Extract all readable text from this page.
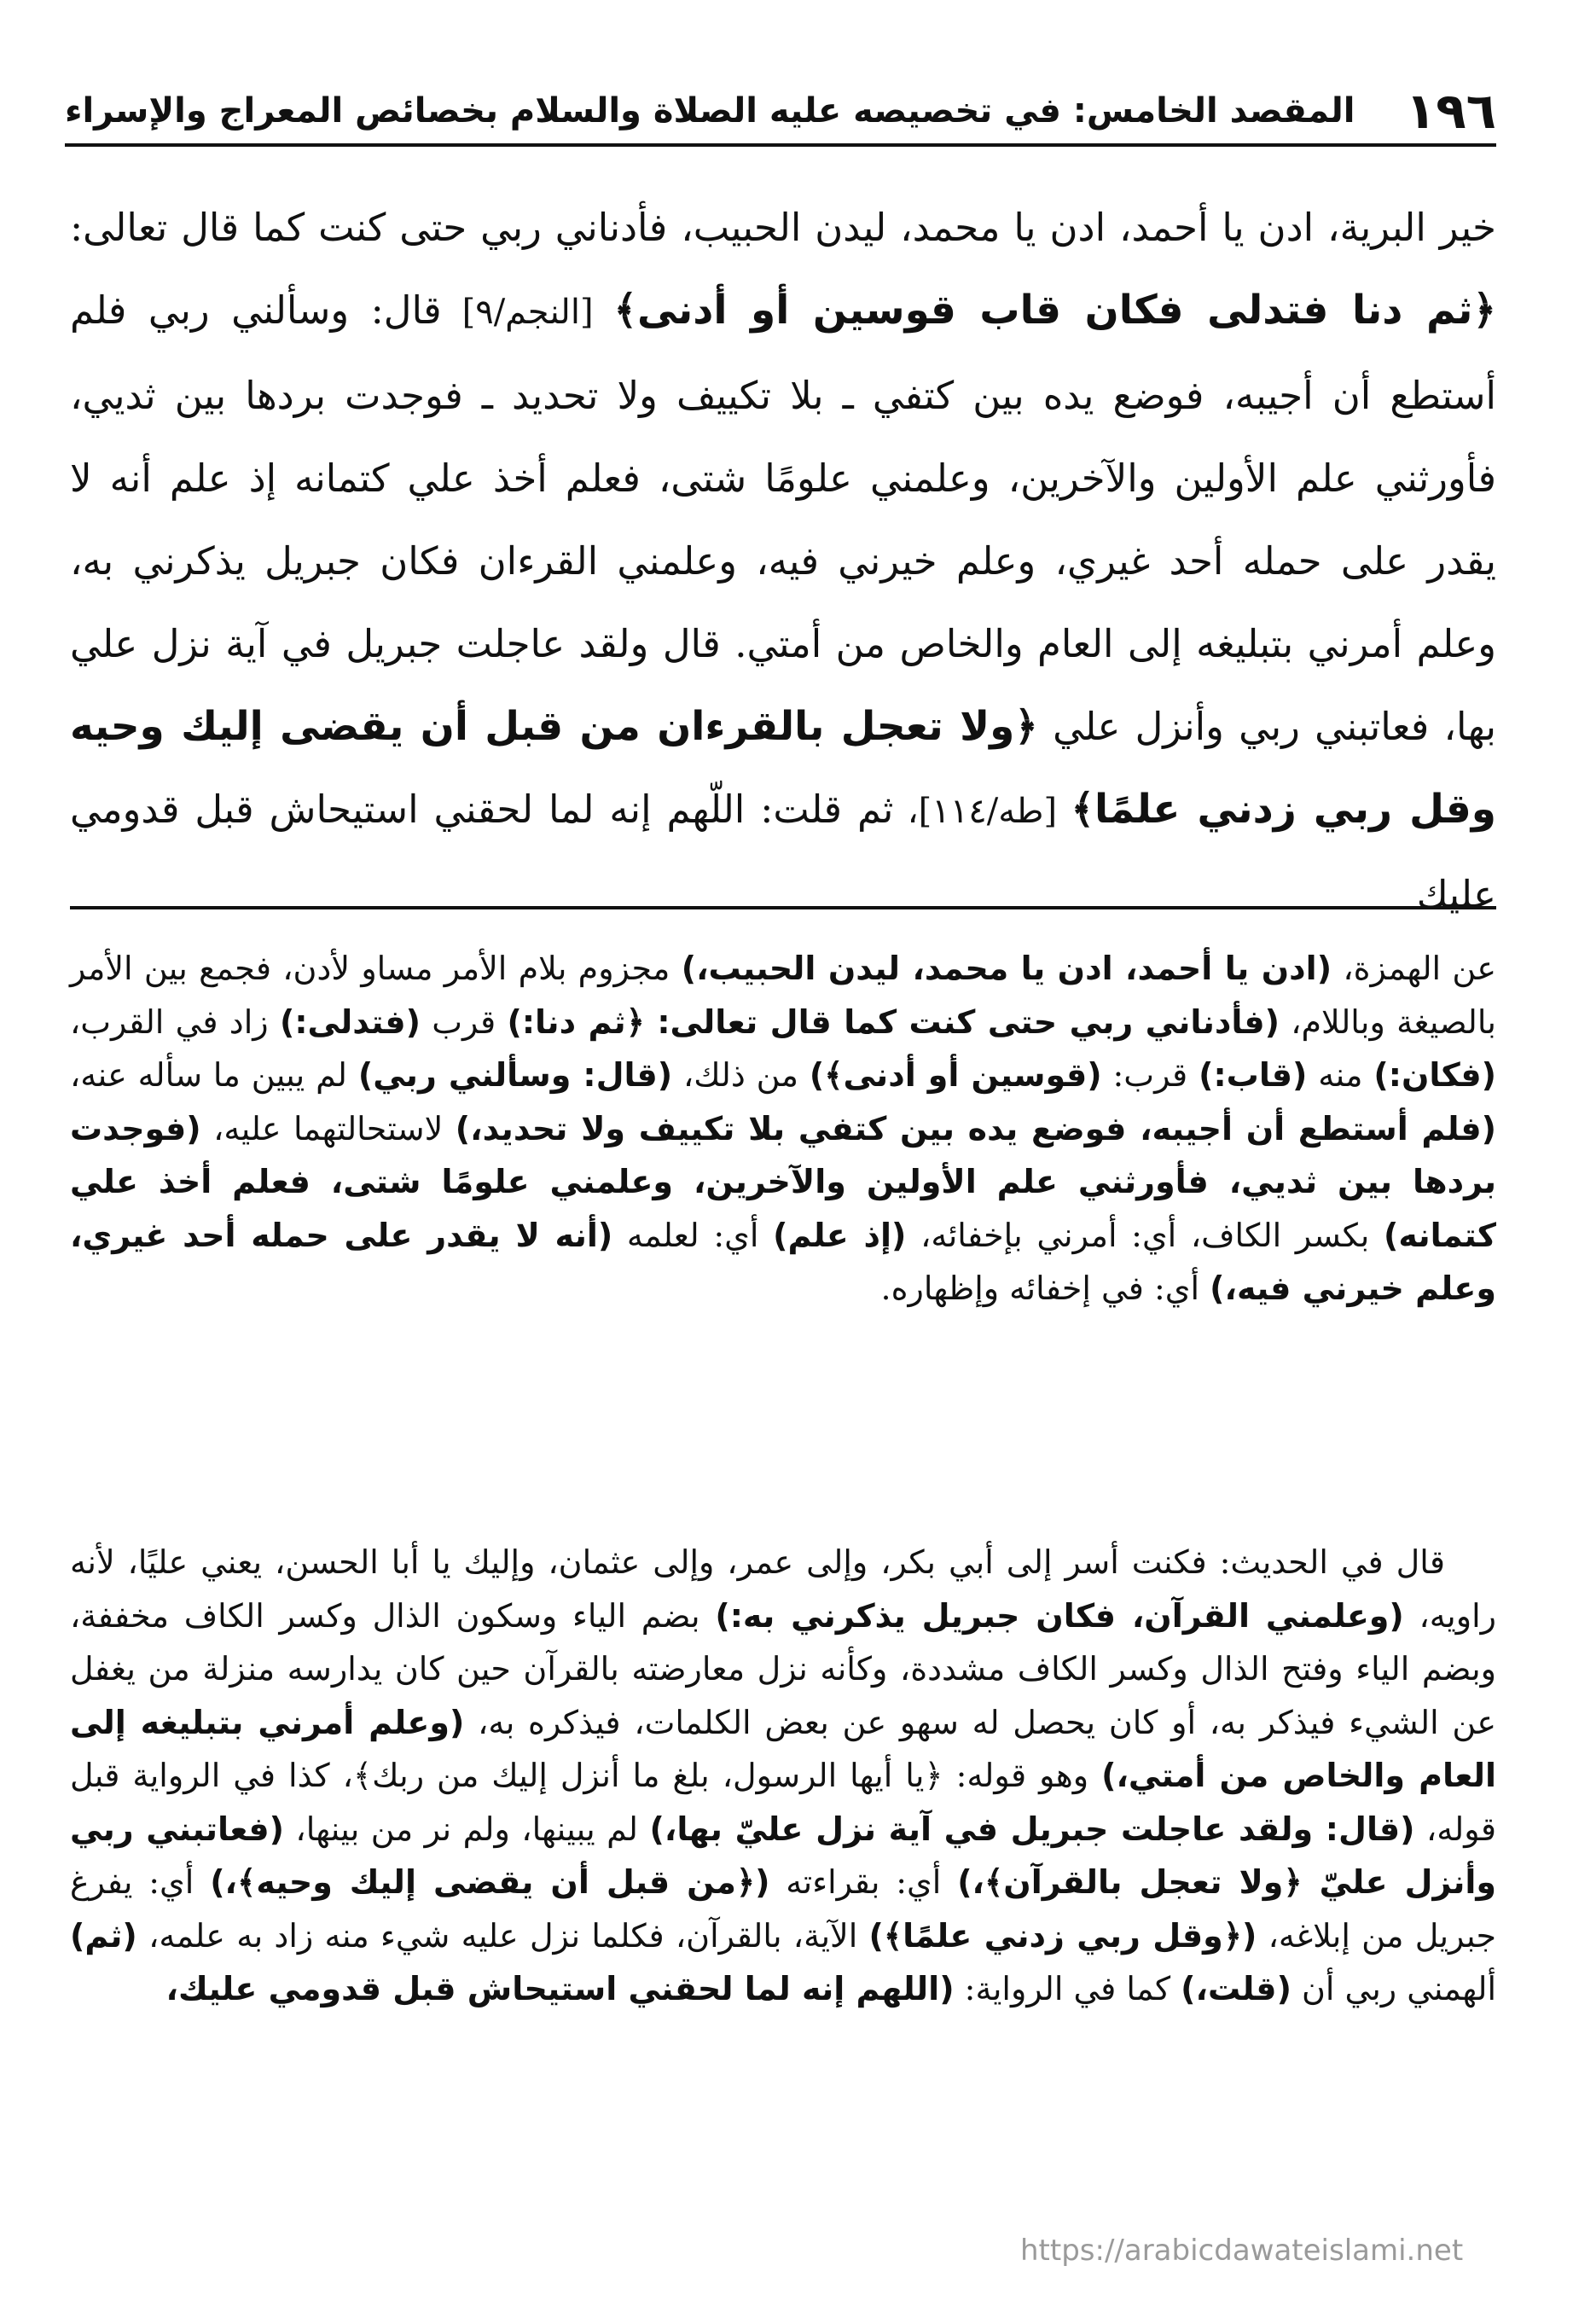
١٩٦
المقصد الخامس: في تخصيصه عليه الصلاة والسلام بخصائص المعراج والإسراء

خير البرية، ادن يا أحمد، ادن يا محمد، ليدن الحبيب، فأدناني ربي حتى كنت كما قال تعالى: ﴿ثم دنا فتدلى فكان قاب قوسين أو أدنى﴾ [النجم/٩] قال: وسألني ربي فلم أستطع أن أجيبه، فوضع يده بين كتفي ـ بلا تكييف ولا تحديد ـ فوجدت بردها بين ثديي، فأورثني علم الأولين والآخرين، وعلمني علومًا شتى، فعلم أخذ علي كتمانه إذ علم أنه لا يقدر على حمله أحد غيري، وعلم خيرني فيه، وعلمني القرءان فكان جبريل يذكرني به، وعلم أمرني بتبليغه إلى العام والخاص من أمتي. قال ولقد عاجلت جبريل في آية نزل علي بها، فعاتبني ربي وأنزل علي ﴿ولا تعجل بالقرءان من قبل أن يقضى إليك وحيه وقل ربي زدني علمًا﴾ [طه/١١٤]، ثم قلت: اللّهم إنه لما لحقني استيحاش قبل قدومي عليك

عن الهمزة، (ادن يا أحمد، ادن يا محمد، ليدن الحبيب،) مجزوم بلام الأمر مساو لأدن، فجمع بين الأمر بالصيغة وباللام، (فأدناني ربي حتى كنت كما قال تعالى: ﴿ثم دنا:) قرب (فتدلى:) زاد في القرب، (فكان:) منه (قاب:) قرب: (قوسين أو أدنى﴾) من ذلك، (قال: وسألني ربي) لم يبين ما سأله عنه، (فلم أستطع أن أجيبه، فوضع يده بين كتفي بلا تكييف ولا تحديد،) لاستحالتهما عليه، (فوجدت بردها بين ثديي، فأورثني علم الأولين والآخرين، وعلمني علومًا شتى، فعلم أخذ علي كتمانه) بكسر الكاف، أي: أمرني بإخفائه، (إذ علم) أي: لعلمه (أنه لا يقدر على حمله أحد غيري، وعلم خيرني فيه،) أي: في إخفائه وإظهاره.

قال في الحديث: فكنت أسر إلى أبي بكر، وإلى عمر، وإلى عثمان، وإليك يا أبا الحسن، يعني عليًا، لأنه راويه، (وعلمني القرآن، فكان جبريل يذكرني به:) بضم الياء وسكون الذال وكسر الكاف مخففة، وبضم الياء وفتح الذال وكسر الكاف مشددة، وكأنه نزل معارضته بالقرآن حين كان يدارسه منزلة من يغفل عن الشيء فيذكر به، أو كان يحصل له سهو عن بعض الكلمات، فيذكره به، (وعلم أمرني بتبليغه إلى العام والخاص من أمتي،) وهو قوله: ﴿يا أيها الرسول، بلغ ما أنزل إليك من ربك﴾، كذا في الرواية قبل قوله، (قال: ولقد عاجلت جبريل في آية نزل عليّ بها،) لم يبينها، ولم نر من بينها، (فعاتبني ربي وأنزل عليّ ﴿ولا تعجل بالقرآن﴾،) أي: بقراءته (﴿من قبل أن يقضى إليك وحيه﴾،) أي: يفرغ جبريل من إبلاغه، (﴿وقل ربي زدني علمًا﴾) الآية، بالقرآن، فكلما نزل عليه شيء منه زاد به علمه، (ثم) ألهمني ربي أن (قلت،) كما في الرواية: (اللهم إنه لما لحقني استيحاش قبل قدومي عليك،

https://arabicdawateislami.net
